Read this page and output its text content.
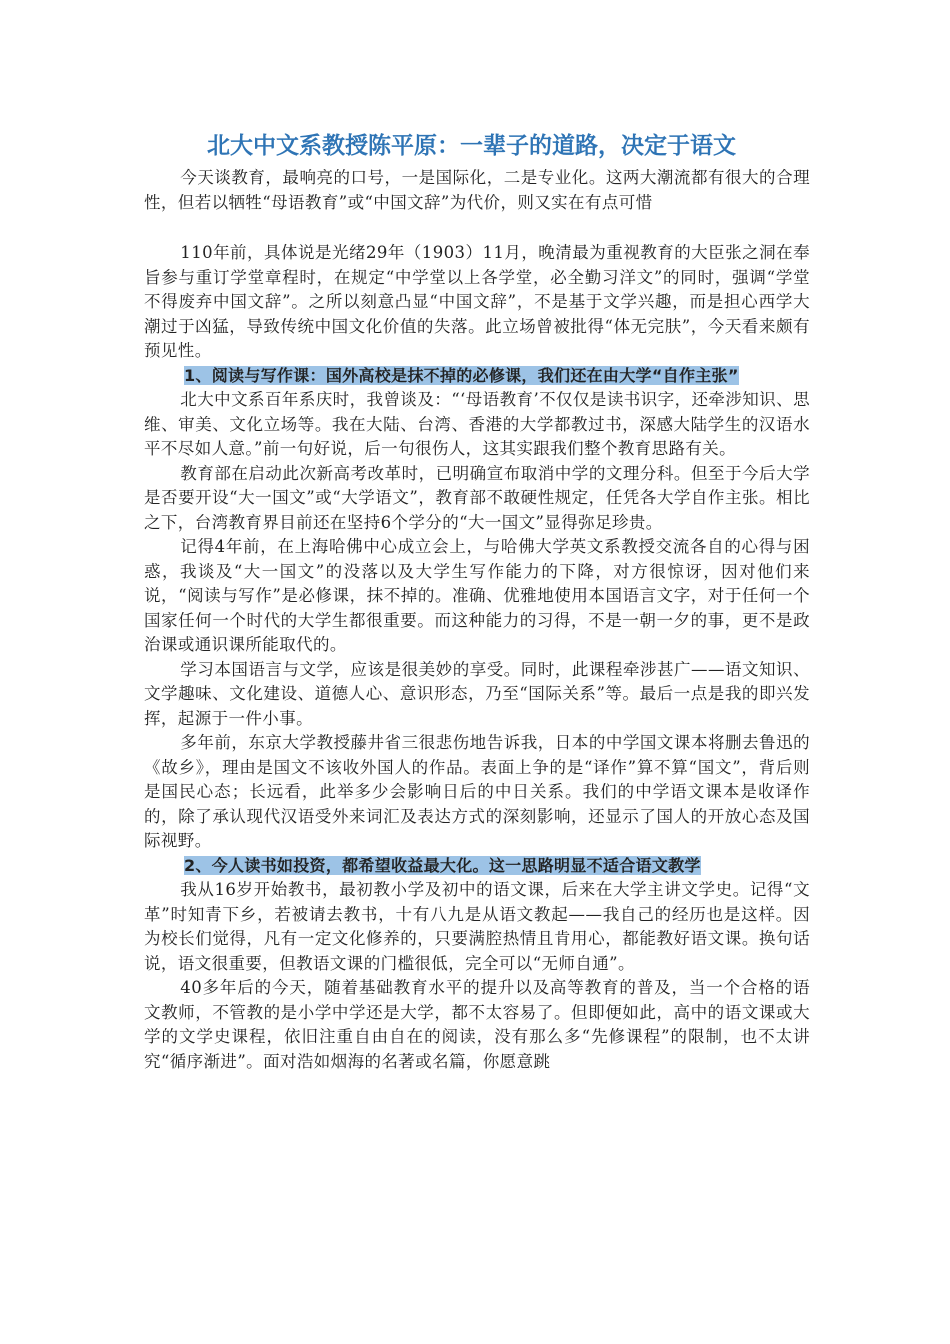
北大中文系教授陈平原：一辈子的道路，决定于语文

今天谈教育，最响亮的口号，一是国际化，二是专业化。这两大潮流都有很大的合理性，但若以牺牲“母语教育”或“中国文辞”为代价，则又实在有点可惜

110年前，具体说是光绪29年（1903）11月，晚清最为重视教育的大臣张之洞在奉旨参与重订学堂章程时，在规定“中学堂以上各学堂，必全勤习洋文”的同时，强调“学堂不得废弃中国文辞”。之所以刻意凸显“中国文辞”，不是基于文学兴趣，而是担心西学大潮过于凶猛，导致传统中国文化价值的失落。此立场曾被批得“体无完肤”，今天看来颇有预见性。

1、阅读与写作课：国外高校是抹不掉的必修课，我们还在由大学“自作主张”

北大中文系百年系庆时，我曾谈及：“‘母语教育’不仅仅是读书识字，还牵涉知识、思维、审美、文化立场等。我在大陆、台湾、香港的大学都教过书，深感大陆学生的汉语水平不尽如人意。”前一句好说，后一句很伤人，这其实跟我们整个教育思路有关。

教育部在启动此次新高考改革时，已明确宣布取消中学的文理分科。但至于今后大学是否要开设“大一国文”或“大学语文”，教育部不敢硬性规定，任凭各大学自作主张。相比之下，台湾教育界目前还在坚持6个学分的“大一国文”显得弥足珍贵。

记得4年前，在上海哈佛中心成立会上，与哈佛大学英文系教授交流各自的心得与困惑，我谈及“大一国文”的没落以及大学生写作能力的下降，对方很惊讶，因对他们来说，“阅读与写作”是必修课，抹不掉的。准确、优雅地使用本国语言文字，对于任何一个国家任何一个时代的大学生都很重要。而这种能力的习得，不是一朝一夕的事，更不是政治课或通识课所能取代的。

学习本国语言与文学，应该是很美妙的享受。同时，此课程牵涉甚广——语文知识、文学趣味、文化建设、道德人心、意识形态，乃至“国际关系”等。最后一点是我的即兴发挥，起源于一件小事。

多年前，东京大学教授藤井省三很悲伤地告诉我，日本的中学国文课本将删去鲁迅的《故乡》，理由是国文不该收外国人的作品。表面上争的是“译作”算不算“国文”，背后则是国民心态；长远看，此举多少会影响日后的中日关系。我们的中学语文课本是收译作的，除了承认现代汉语受外来词汇及表达方式的深刻影响，还显示了国人的开放心态及国际视野。

2、今人读书如投资，都希望收益最大化。这一思路明显不适合语文教学

我从16岁开始教书，最初教小学及初中的语文课，后来在大学主讲文学史。记得“文革”时知青下乡，若被请去教书，十有八九是从语文教起——我自己的经历也是这样。因为校长们觉得，凡有一定文化修养的，只要满腔热情且肯用心，都能教好语文课。换句话说，语文很重要，但教语文课的门槛很低，完全可以“无师自通”。

40多年后的今天，随着基础教育水平的提升以及高等教育的普及，当一个合格的语文教师，不管教的是小学中学还是大学，都不太容易了。但即便如此，高中的语文课或大学的文学史课程，依旧注重自由自在的阅读，没有那么多“先修课程”的限制，也不太讲究“循序渐进”。面对浩如烟海的名著或名篇，你愿意跳
